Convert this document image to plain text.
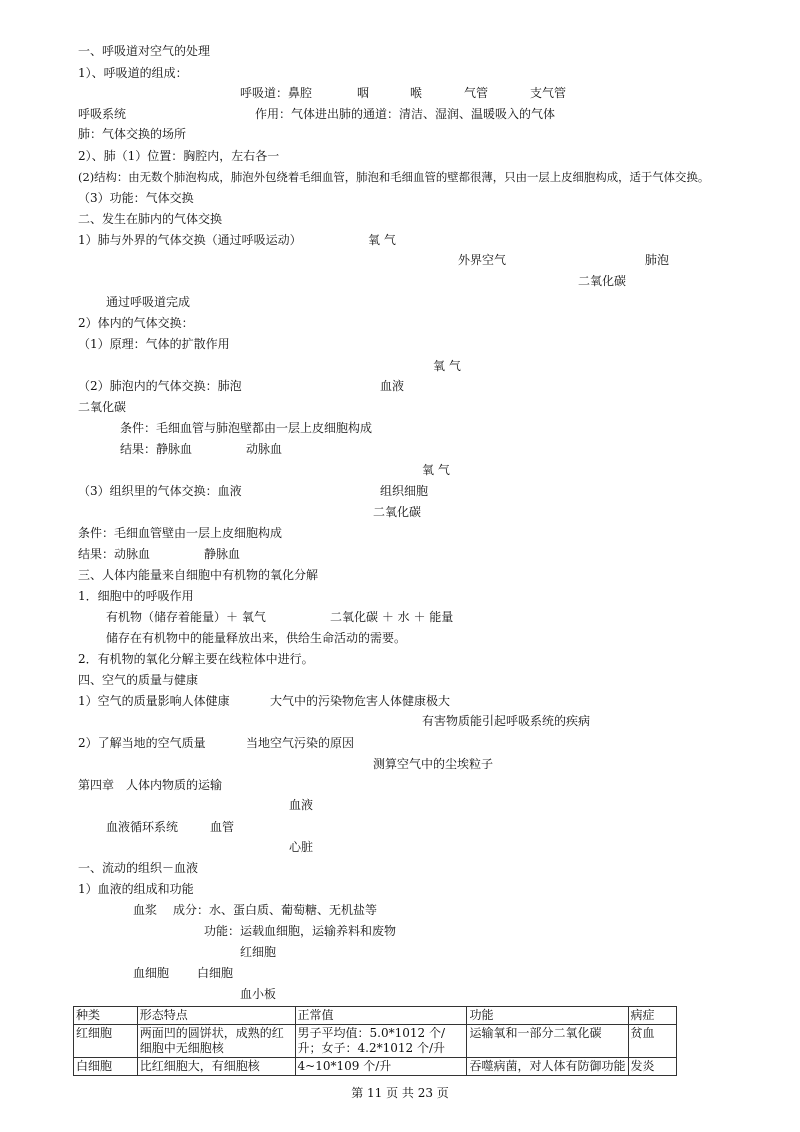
一、呼吸道对空气的处理
1）、呼吸道的组成：
呼吸道：鼻腔	咽	喉	气管	支气管
呼吸系统	作用：气体进出肺的通道：清洁、湿润、温暖吸入的气体
肺：气体交换的场所
2）、肺（1）位置：胸腔内，左右各一
(2)结构：由无数个肺泡构成，肺泡外包绕着毛细血管，肺泡和毛细血管的壁都很薄，只由一层上皮细胞构成，适于气体交换。
（3）功能：气体交换
二、发生在肺内的气体交换
1）肺与外界的气体交换（通过呼吸运动）	氧 气
外界空气	肺泡
二氧化碳
通过呼吸道完成
2）体内的气体交换：
（1）原理：气体的扩散作用
氧 气
（2）肺泡内的气体交换：肺泡	血液
二氧化碳
条件：毛细血管与肺泡壁都由一层上皮细胞构成
结果：静脉血	动脉血
氧 气
（3）组织里的气体交换：血液	组织细胞
二氧化碳
条件：毛细血管壁由一层上皮细胞构成
结果：动脉血	静脉血
三、人体内能量来自细胞中有机物的氧化分解
1．细胞中的呼吸作用
有机物（储存着能量）＋ 氧气	二氧化碳 ＋ 水 ＋ 能量
储存在有机物中的能量释放出来，供给生命活动的需要。
2．有机物的氧化分解主要在线粒体中进行。
四、空气的质量与健康
1）空气的质量影响人体健康	大气中的污染物危害人体健康极大
有害物质能引起呼吸系统的疾病
2）了解当地的空气质量	当地空气污染的原因
测算空气中的尘埃粒子
第四章　人体内物质的运输
血液
血液循环系统	血管
心脏
一、流动的组织－血液
1）血液的组成和功能
血浆 成分：水、蛋白质、葡萄糖、无机盐等
功能：运载血细胞，运输养料和废物
红细胞
血细胞 白细胞
血小板
种类	形态特点	正常值	功能	病症
红细胞	两面凹的圆饼状，成熟的红细胞中无细胞核	男子平均值：5.0*1012 个/升；女子：4.2*1012 个/升	运输氧和一部分二氧化碳	贫血
白细胞	比红细胞大，有细胞核	4~10*109 个/升	吞噬病菌，对人体有防御功能	发炎
第 11 页 共 23 页
